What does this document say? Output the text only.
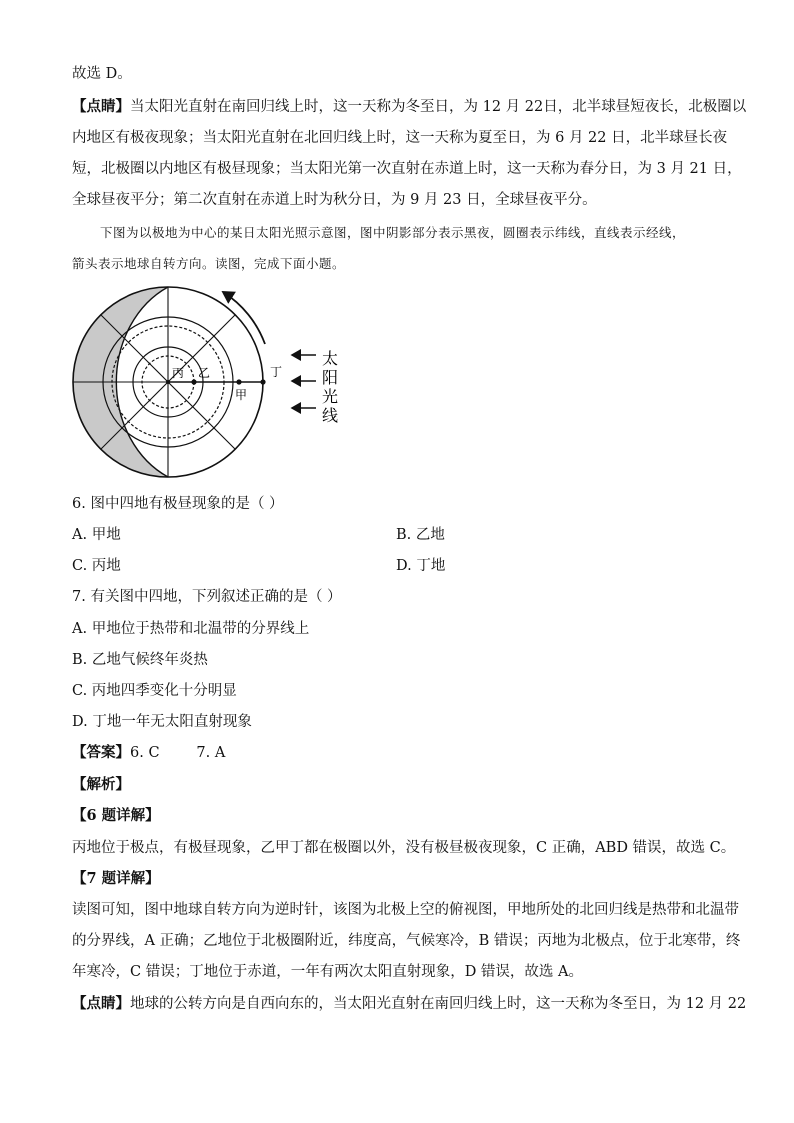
故选 D。
【点睛】当太阳光直射在南回归线上时，这一天称为冬至日，为 12 月 22日，北半球昼短夜长，北极圈以
内地区有极夜现象；当太阳光直射在北回归线上时，这一天称为夏至日，为 6 月 22 日，北半球昼长夜
短，北极圈以内地区有极昼现象；当太阳光第一次直射在赤道上时，这一天称为春分日，为 3 月 21 日，
全球昼夜平分；第二次直射在赤道上时为秋分日，为 9 月 23 日，全球昼夜平分。
下图为以极地为中心的某日太阳光照示意图，图中阴影部分表示黑夜，圆圈表示纬线，直线表示经线，
箭头表示地球自转方向。读图，完成下面小题。
丙 乙
甲
丁
太
阳
光
线
6. 图中四地有极昼现象的是（ ）
A. 甲地	B. 乙地
C. 丙地	D. 丁地
7. 有关图中四地，下列叙述正确的是（ ）
A. 甲地位于热带和北温带的分界线上
B. 乙地气候终年炎热
C. 丙地四季变化十分明显
D. 丁地一年无太阳直射现象
【答案】6. C        7. A
【解析】
【6 题详解】
丙地位于极点，有极昼现象，乙甲丁都在极圈以外，没有极昼极夜现象，C 正确，ABD 错误，故选 C。
【7 题详解】
读图可知，图中地球自转方向为逆时针，该图为北极上空的俯视图，甲地所处的北回归线是热带和北温带
的分界线，A 正确；乙地位于北极圈附近，纬度高，气候寒冷，B 错误；丙地为北极点，位于北寒带，终
年寒冷，C 错误；丁地位于赤道，一年有两次太阳直射现象，D 错误，故选 A。
【点睛】地球的公转方向是自西向东的，当太阳光直射在南回归线上时，这一天称为冬至日，为 12 月 22
